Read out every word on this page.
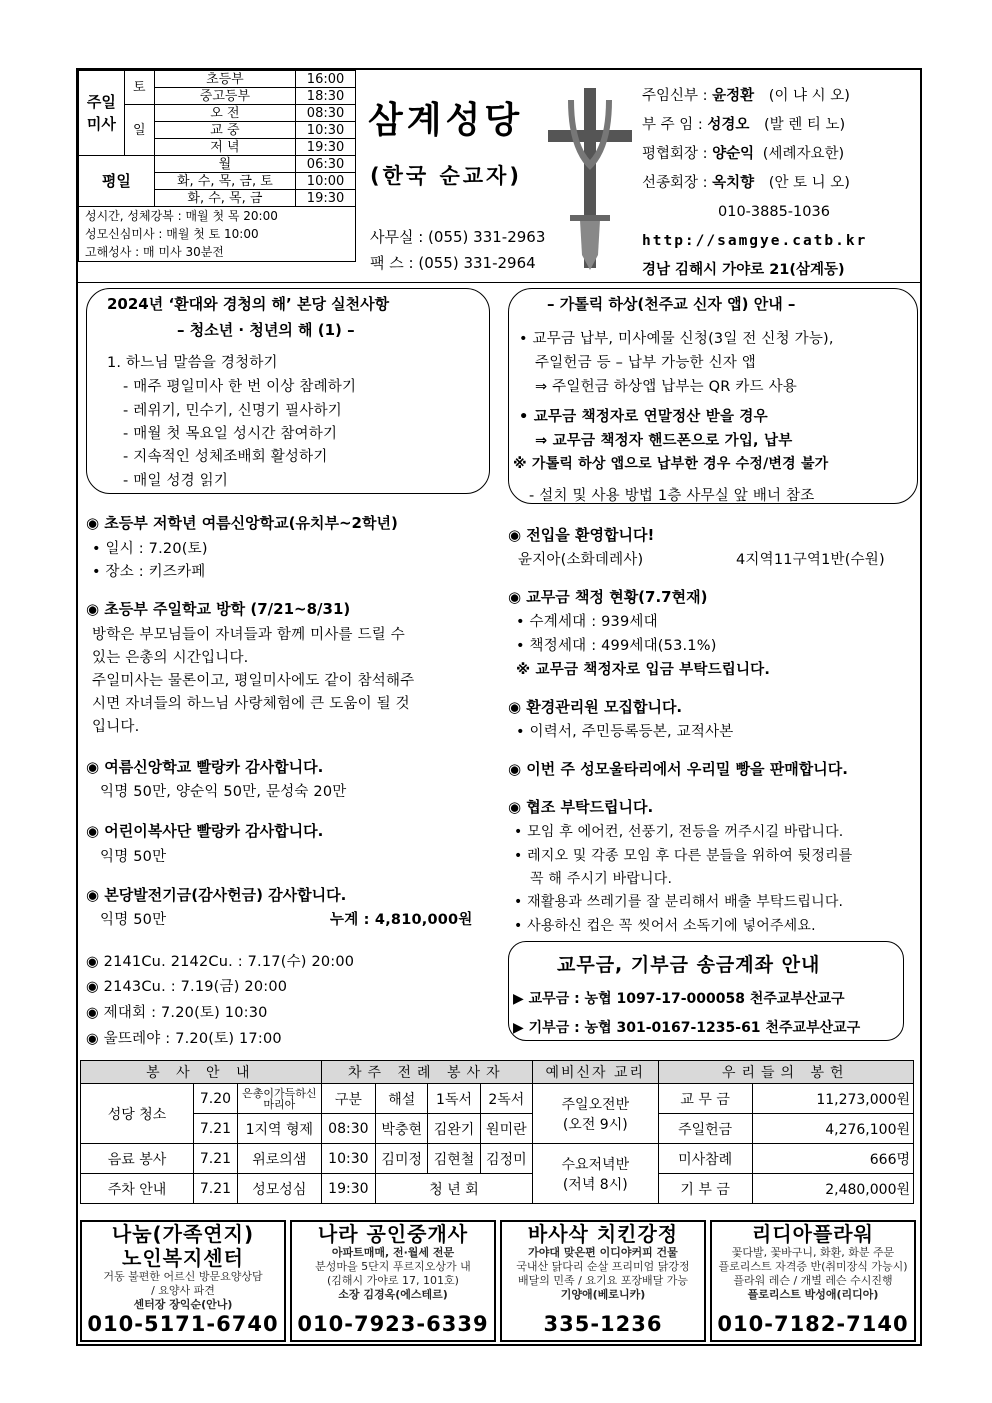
주일 미사	토	초등부	16:00
		중고등부	18:30
	일	오 전	08:30
		교 중	10:30
		저 녁	19:30
평일		월	06:30
		화, 수, 목, 금, 토	10:00
		화, 수, 목, 금	19:30
성시간, 성체강복 : 매월 첫 목 20:00			
성모신심미사 : 매월 첫 토 10:00			
고해성사 : 매 미사 30분전			
삼계성당
(한국 순교자)
사무실 : (055) 331-2963
팩 스 : (055) 331-2964
주임신부 : 윤정환 (이 냐 시 오)
부 주 임 : 성경오 (발 렌 티 노)
평협회장 : 양순익 (세례자요한)
선종회장 : 옥치향 (안 토 니 오)
010-3885-1036
http://samgye.catb.kr
경남 김해시 가야로 21(삼계동)
2024년 ‘환대와 경청의 해’ 본당 실천사항
– 청소년 · 청년의 해 (1) –
1. 하느님 말씀을 경청하기
- 매주 평일미사 한 번 이상 참례하기
- 레위기, 민수기, 신명기 필사하기
- 매월 첫 목요일 성시간 참여하기
- 지속적인 성체조배회 활성하기
- 매일 성경 읽기
– 가톨릭 하상(천주교 신자 앱) 안내 –
• 교무금 납부, 미사예물 신청(3일 전 신청 가능),
주일헌금 등 – 납부 가능한 신자 앱
⇒ 주일헌금 하상앱 납부는 QR 카드 사용
• 교무금 책정자로 연말정산 받을 경우
⇒ 교무금 책정자 핸드폰으로 가입, 납부
※ 가톨릭 하상 앱으로 납부한 경우 수정/변경 불가
- 설치 및 사용 방법 1층 사무실 앞 배너 참조
◉ 초등부 저학년 여름신앙학교(유치부~2학년)
• 일시 : 7.20(토)
• 장소 : 키즈카페
◉ 초등부 주일학교 방학 (7/21~8/31)
방학은 부모님들이 자녀들과 함께 미사를 드릴 수
있는 은총의 시간입니다.
주일미사는 물론이고, 평일미사에도 같이 참석해주
시면 자녀들의 하느님 사랑체험에 큰 도움이 될 것
입니다.
◉ 여름신앙학교 빨랑카 감사합니다.
익명 50만, 양순익 50만, 문성숙 20만
◉ 어린이복사단 빨랑카 감사합니다.
익명 50만
◉ 본당발전기금(감사헌금) 감사합니다.
익명 50만	누계 : 4,810,000원
◉ 2141Cu. 2142Cu. : 7.17(수) 20:00
◉ 2143Cu. : 7.19(금) 20:00
◉ 제대회 : 7.20(토) 10:30
◉ 울뜨레야 : 7.20(토) 17:00
◉ 전입을 환영합니다!
윤지아(소화데레사)	4지역11구역1반(수원)
◉ 교무금 책정 현황(7.7현재)
• 수계세대 : 939세대
• 책정세대 : 499세대(53.1%)
※ 교무금 책정자로 입금 부탁드립니다.
◉ 환경관리원 모집합니다.
• 이력서, 주민등록등본, 교적사본
◉ 이번 주 성모울타리에서 우리밀 빵을 판매합니다.
◉ 협조 부탁드립니다.
• 모임 후 에어컨, 선풍기, 전등을 꺼주시길 바랍니다.
• 레지오 및 각종 모임 후 다른 분들을 위하여 뒷정리를
꼭 해 주시기 바랍니다.
• 재활용과 쓰레기를 잘 분리해서 배출 부탁드립니다.
• 사용하신 컵은 꼭 씻어서 소독기에 넣어주세요.
교무금, 기부금 송금계좌 안내
▶ 교무금 : 농협 1097-17-000058 천주교부산교구
▶ 기부금 : 농협 301-0167-1235-61 천주교부산교구
봉 사 안 내			차주 전례 봉사자				예비신자 교리	우리들의 봉헌	
성당 청소	7.20	은총이가득하신 마리아	구분	해설	1독서	2독서	주일오전반	교 무 금	11,273,000원
	7.21	1지역 형제	08:30	박충현	김완기	원미란	(오전 9시)	주일헌금	4,276,100원
음료 봉사	7.21	위로의샘	10:30	김미정	김현철	김정미	수요저녁반	미사참례	666명
주차 안내	7.21	성모성심	19:30	청 년 회			(저녁 8시)	기 부 금	2,480,000원
나눔(가족연지)
노인복지센터
거동 불편한 어르신 방문요양상담
/ 요양사 파견
센터장 장익순(안나)
010-5171-6740
나라 공인중개사
아파트매매, 전·월세 전문
분성마을 5단지 푸르지오상가 내
(김해시 가야로 17, 101호)
소장 김경옥(에스테르)
010-7923-6339
바사삭 치킨강정
가야대 맞은편 이디야커피 건물
국내산 닭다리 순살 프리미엄 닭강정
배달의 민족 / 요기요 포장배달 가능
기양애(베로니카)
335-1236
리디아플라워
꽃다발, 꽃바구니, 화환, 화분 주문
플로리스트 자격증 반(취미장식 가능시)
플라워 레슨 / 개별 레슨 수시진행
플로리스트 박성애(리디아)
010-7182-7140
